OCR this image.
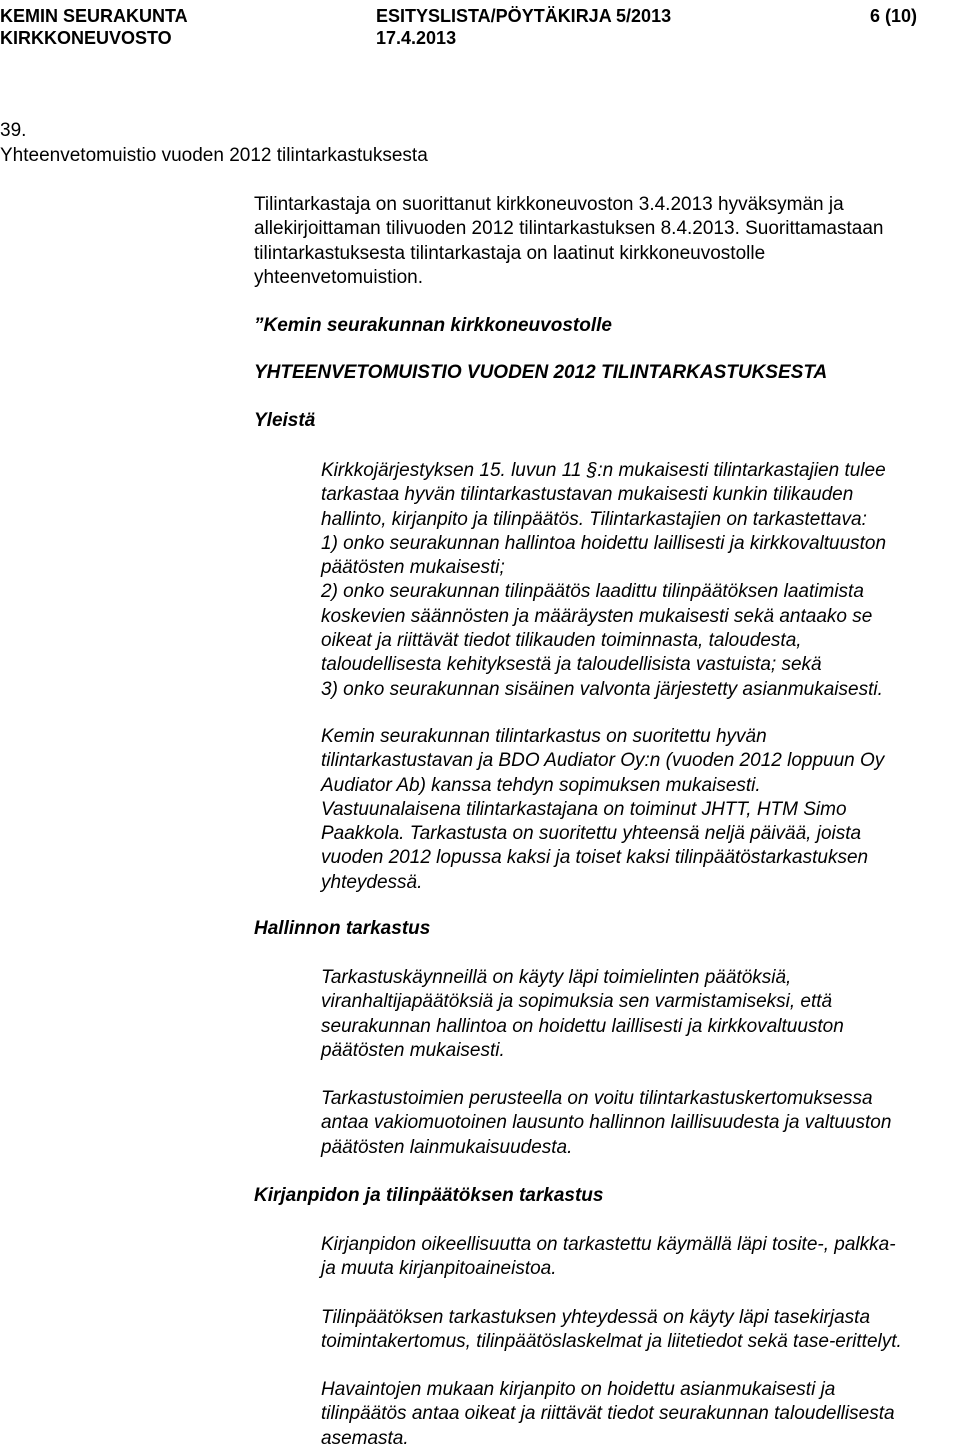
KEMIN SEURAKUNTA
KIRKKONEUVOSTO
ESITYSLISTA/PÖYTÄKIRJA 5/2013
17.4.2013
6 (10)
39.
Yhteenvetomuistio vuoden 2012 tilintarkastuksesta
Tilintarkastaja on suorittanut kirkkoneuvoston 3.4.2013 hyväksymän ja
allekirjoittaman tilivuoden 2012 tilintarkastuksen 8.4.2013. Suorittamastaan
tilintarkastuksesta tilintarkastaja on laatinut kirkkoneuvostolle
yhteenvetomuistion.
”Kemin seurakunnan kirkkoneuvostolle
YHTEENVETOMUISTIO VUODEN 2012 TILINTARKASTUKSESTA
Yleistä
Kirkkojärjestyksen 15. luvun 11 §:n mukaisesti tilintarkastajien tulee
tarkastaa hyvän tilintarkastustavan mukaisesti kunkin tilikauden
hallinto, kirjanpito ja tilinpäätös. Tilintarkastajien on tarkastettava:
1) onko seurakunnan hallintoa hoidettu laillisesti ja kirkkovaltuuston
päätösten mukaisesti;
2) onko seurakunnan tilinpäätös laadittu tilinpäätöksen laatimista
koskevien säännösten ja määräysten mukaisesti sekä antaako se
oikeat ja riittävät tiedot tilikauden toiminnasta, taloudesta,
taloudellisesta kehityksestä ja taloudellisista vastuista; sekä
3) onko seurakunnan sisäinen valvonta järjestetty asianmukaisesti.
Kemin seurakunnan tilintarkastus on suoritettu hyvän
tilintarkastustavan ja BDO Audiator Oy:n (vuoden 2012 loppuun Oy
Audiator Ab) kanssa tehdyn sopimuksen mukaisesti.
Vastuunalaisena tilintarkastajana on toiminut JHTT, HTM Simo
Paakkola. Tarkastusta on suoritettu yhteensä neljä päivää, joista
vuoden 2012 lopussa kaksi ja toiset kaksi tilinpäätöstarkastuksen
yhteydessä.
Hallinnon tarkastus
Tarkastuskäynneillä on käyty läpi toimielinten päätöksiä,
viranhaltijapäätöksiä ja sopimuksia sen varmistamiseksi, että
seurakunnan hallintoa on hoidettu laillisesti ja kirkkovaltuuston
päätösten mukaisesti.
Tarkastustoimien perusteella on voitu tilintarkastuskertomuksessa
antaa vakiomuotoinen lausunto hallinnon laillisuudesta ja valtuuston
päätösten lainmukaisuudesta.
Kirjanpidon ja tilinpäätöksen tarkastus
Kirjanpidon oikeellisuutta on tarkastettu käymällä läpi tosite-, palkka-
ja muuta kirjanpitoaineistoa.
Tilinpäätöksen tarkastuksen yhteydessä on käyty läpi tasekirjasta
toimintakertomus, tilinpäätöslaskelmat ja liitetiedot sekä tase-erittelyt.
Havaintojen mukaan kirjanpito on hoidettu asianmukaisesti ja
tilinpäätös antaa oikeat ja riittävät tiedot seurakunnan taloudellisesta
asemasta.
